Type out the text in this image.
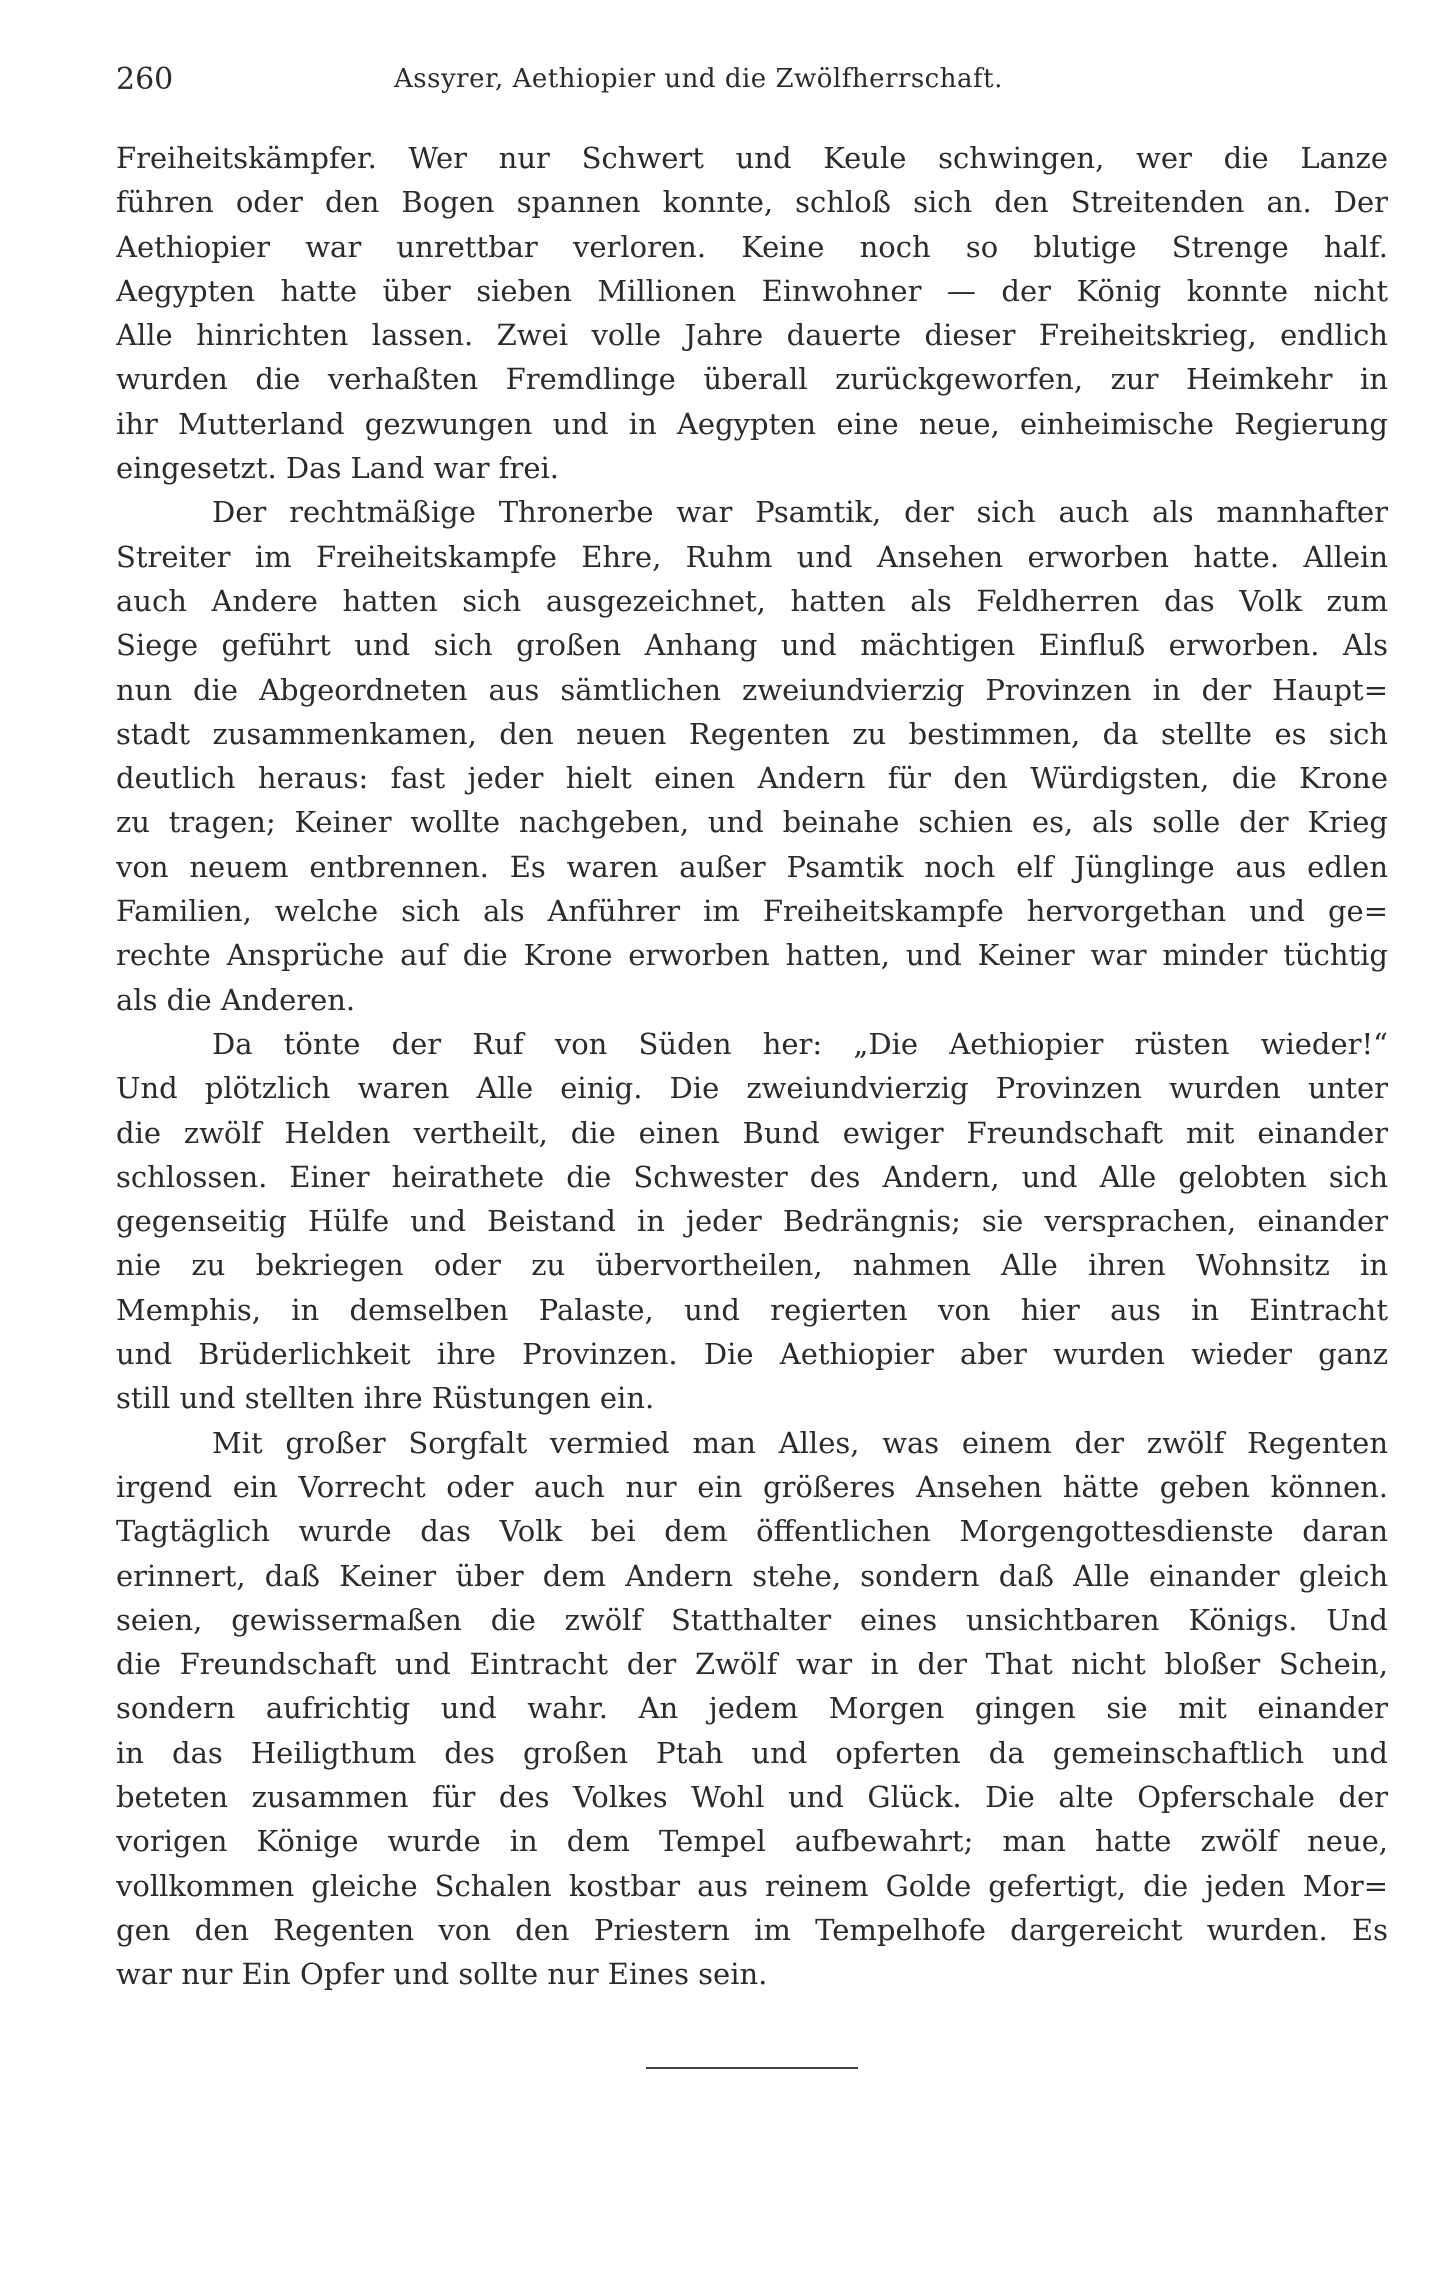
260	Assyrer, Aethiopier und die Zwölfherrschaft.
Freiheitskämpfer. Wer nur Schwert und Keule schwingen, wer die Lanze
führen oder den Bogen spannen konnte, schloß sich den Streitenden an. Der
Aethiopier war unrettbar verloren. Keine noch so blutige Strenge half.
Aegypten hatte über sieben Millionen Einwohner — der König konnte nicht
Alle hinrichten lassen. Zwei volle Jahre dauerte dieser Freiheitskrieg, endlich
wurden die verhaßten Fremdlinge überall zurückgeworfen, zur Heimkehr in
ihr Mutterland gezwungen und in Aegypten eine neue, einheimische Regierung
eingesetzt. Das Land war frei.
Der rechtmäßige Thronerbe war Psamtik, der sich auch als mannhafter
Streiter im Freiheitskampfe Ehre, Ruhm und Ansehen erworben hatte. Allein
auch Andere hatten sich ausgezeichnet, hatten als Feldherren das Volk zum
Siege geführt und sich großen Anhang und mächtigen Einfluß erworben. Als
nun die Abgeordneten aus sämtlichen zweiundvierzig Provinzen in der Haupt=
stadt zusammenkamen, den neuen Regenten zu bestimmen, da stellte es sich
deutlich heraus: fast jeder hielt einen Andern für den Würdigsten, die Krone
zu tragen; Keiner wollte nachgeben, und beinahe schien es, als solle der Krieg
von neuem entbrennen. Es waren außer Psamtik noch elf Jünglinge aus edlen
Familien, welche sich als Anführer im Freiheitskampfe hervorgethan und ge=
rechte Ansprüche auf die Krone erworben hatten, und Keiner war minder tüchtig
als die Anderen.
Da tönte der Ruf von Süden her: „Die Aethiopier rüsten wieder!“
Und plötzlich waren Alle einig. Die zweiundvierzig Provinzen wurden unter
die zwölf Helden vertheilt, die einen Bund ewiger Freundschaft mit einander
schlossen. Einer heirathete die Schwester des Andern, und Alle gelobten sich
gegenseitig Hülfe und Beistand in jeder Bedrängnis; sie versprachen, einander
nie zu bekriegen oder zu übervortheilen, nahmen Alle ihren Wohnsitz in
Memphis, in demselben Palaste, und regierten von hier aus in Eintracht
und Brüderlichkeit ihre Provinzen. Die Aethiopier aber wurden wieder ganz
still und stellten ihre Rüstungen ein.
Mit großer Sorgfalt vermied man Alles, was einem der zwölf Regenten
irgend ein Vorrecht oder auch nur ein größeres Ansehen hätte geben können.
Tagtäglich wurde das Volk bei dem öffentlichen Morgengottesdienste daran
erinnert, daß Keiner über dem Andern stehe, sondern daß Alle einander gleich
seien, gewissermaßen die zwölf Statthalter eines unsichtbaren Königs. Und
die Freundschaft und Eintracht der Zwölf war in der That nicht bloßer Schein,
sondern aufrichtig und wahr. An jedem Morgen gingen sie mit einander
in das Heiligthum des großen Ptah und opferten da gemeinschaftlich und
beteten zusammen für des Volkes Wohl und Glück. Die alte Opferschale der
vorigen Könige wurde in dem Tempel aufbewahrt; man hatte zwölf neue,
vollkommen gleiche Schalen kostbar aus reinem Golde gefertigt, die jeden Mor=
gen den Regenten von den Priestern im Tempelhofe dargereicht wurden. Es
war nur Ein Opfer und sollte nur Eines sein.
